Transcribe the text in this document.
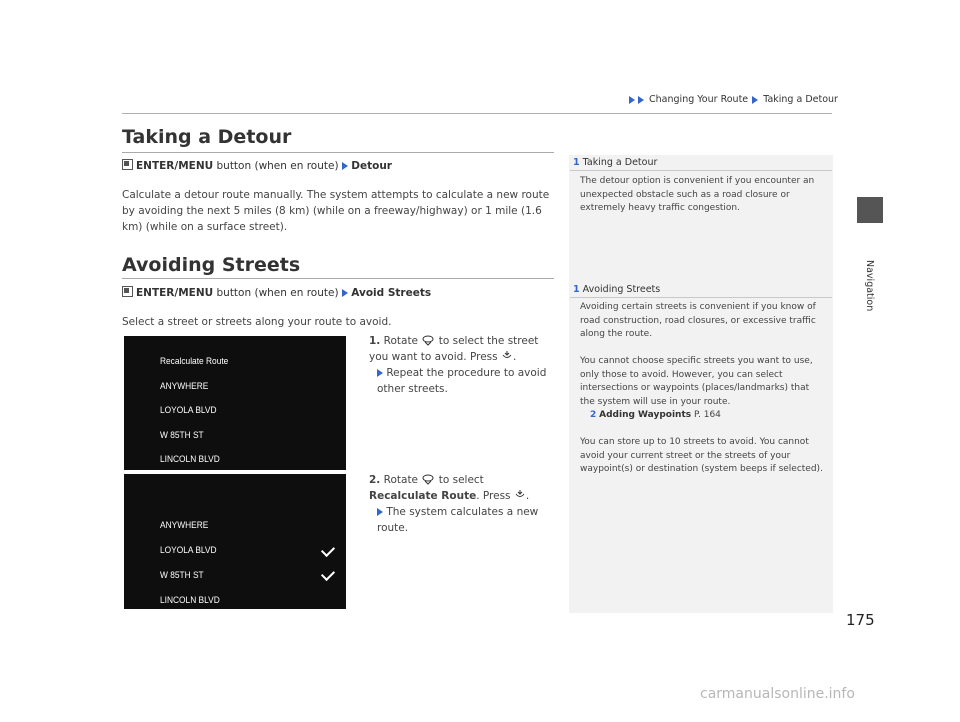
Changing Your Route Taking a Detour
Navigation
Taking a Detour
ENTER/MENU button (when en route) Detour
Calculate a detour route manually. The system attempts to calculate a new route by avoiding the next 5 miles (8 km) (while on a freeway/highway) or 1 mile (1.6 km) (while on a surface street).
Avoiding Streets
ENTER/MENU button (when en route) Avoid Streets
Select a street or streets along your route to avoid.
Recalculate Route
ANYWHERE
LOYOLA BLVD
W 85TH ST
LINCOLN BLVD
ANYWHERE
LOYOLA BLVD
W 85TH ST
LINCOLN BLVD
1. Rotate to select the street you want to avoid. Press .
Repeat the procedure to avoid other streets.
2. Rotate to select Recalculate Route. Press .
The system calculates a new route.
1 Taking a Detour
The detour option is convenient if you encounter an unexpected obstacle such as a road closure or extremely heavy traffic congestion.
1 Avoiding Streets
Avoiding certain streets is convenient if you know of road construction, road closures, or excessive traffic along the route.
You cannot choose specific streets you want to use, only those to avoid. However, you can select intersections or waypoints (places/landmarks) that the system will use in your route.
2 Adding Waypoints P. 164
You can store up to 10 streets to avoid. You cannot avoid your current street or the streets of your waypoint(s) or destination (system beeps if selected).
175
carmanualsonline.info
